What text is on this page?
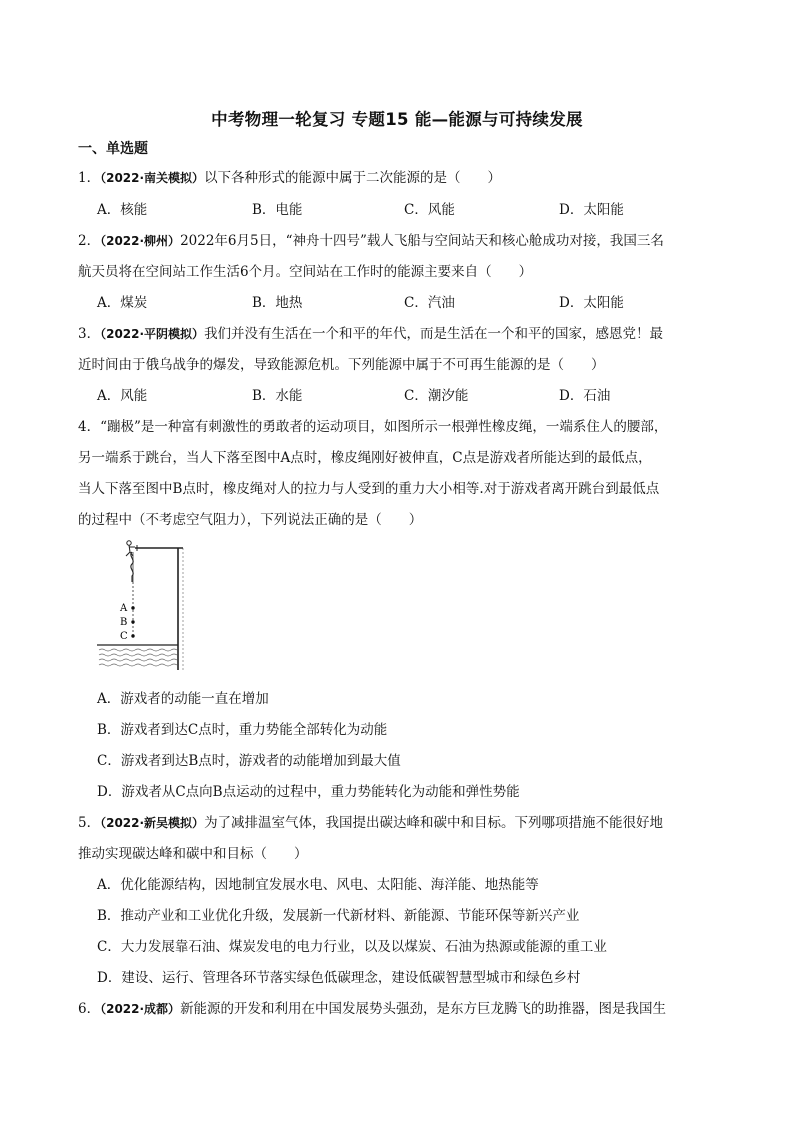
中考物理一轮复习 专题15 能—能源与可持续发展
一、单选题
1．（2022·南关模拟）以下各种形式的能源中属于二次能源的是（　　）
A．核能	B．电能	C．风能	D．太阳能
2．（2022·柳州）2022年6月5日，“神舟十四号”载人飞船与空间站天和核心舱成功对接，我国三名
航天员将在空间站工作生活6个月。空间站在工作时的能源主要来自（　　）
A．煤炭	B．地热	C．汽油	D．太阳能
3．（2022·平阴模拟）我们并没有生活在一个和平的年代，而是生活在一个和平的国家，感恩党！最
近时间由于俄乌战争的爆发，导致能源危机。下列能源中属于不可再生能源的是（　　）
A．风能	B．水能	C．潮汐能	D．石油
4．“蹦极”是一种富有刺激性的勇敢者的运动项目，如图所示一根弹性橡皮绳，一端系住人的腰部，
另一端系于跳台，当人下落至图中A点时，橡皮绳刚好被伸直，C点是游戏者所能达到的最低点，
当人下落至图中B点时，橡皮绳对人的拉力与人受到的重力大小相等.对于游戏者离开跳台到最低点
的过程中（不考虑空气阻力），下列说法正确的是（　　）
A
B
C
A．游戏者的动能一直在增加
B．游戏者到达C点时，重力势能全部转化为动能
C．游戏者到达B点时，游戏者的动能增加到最大值
D．游戏者从C点向B点运动的过程中，重力势能转化为动能和弹性势能
5．（2022·新吴模拟）为了减排温室气体，我国提出碳达峰和碳中和目标。下列哪项措施不能很好地
推动实现碳达峰和碳中和目标（　　）
A．优化能源结构，因地制宜发展水电、风电、太阳能、海洋能、地热能等
B．推动产业和工业优化升级，发展新一代新材料、新能源、节能环保等新兴产业
C．大力发展靠石油、煤炭发电的电力行业，以及以煤炭、石油为热源或能源的重工业
D．建设、运行、管理各环节落实绿色低碳理念，建设低碳智慧型城市和绿色乡村
6．（2022·成都）新能源的开发和利用在中国发展势头强劲，是东方巨龙腾飞的助推器，图是我国生
